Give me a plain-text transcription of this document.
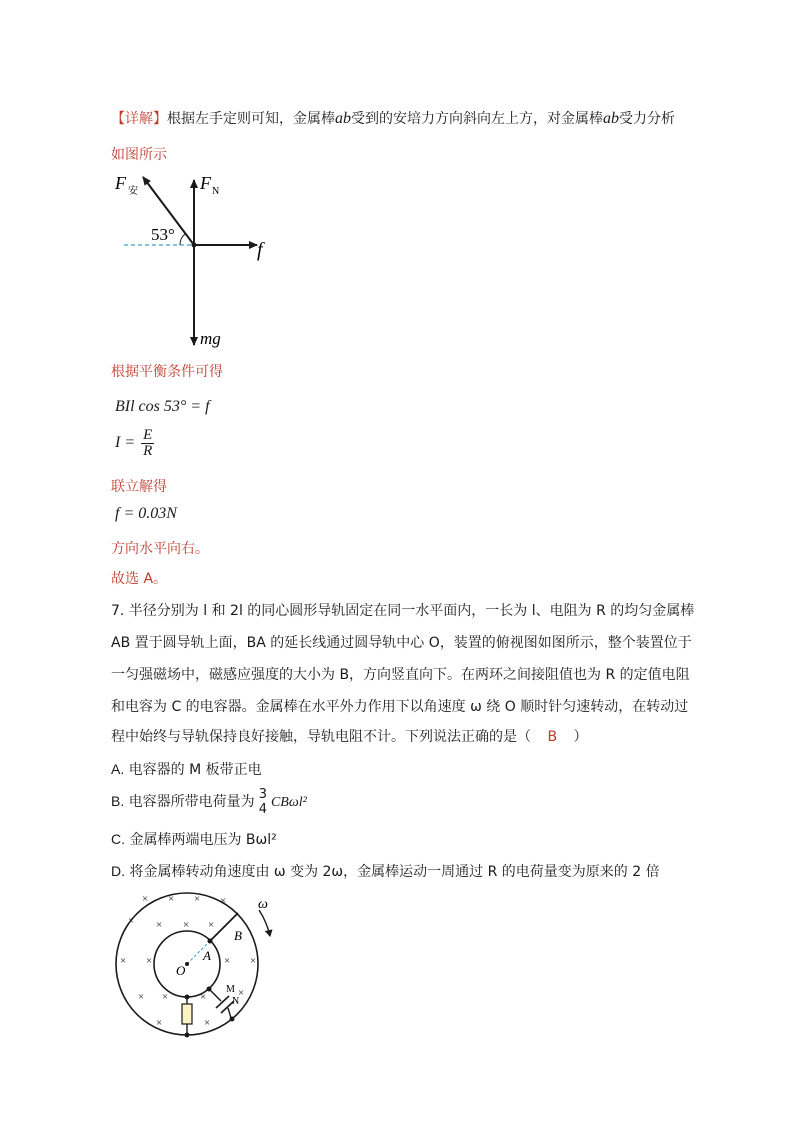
【详解】根据左手定则可知，金属棒ab受到的安培力方向斜向左上方，对金属棒ab受力分析
如图所示
F 安	F N
53°
f
mg
根据平衡条件可得
BIl cos 53° = f
$I = \frac{E}{R}$
联立解得
f = 0.03N
方向水平向右。
故选 A。
7. 半径分别为 l 和 2l 的同心圆形导轨固定在同一水平面内，一长为 l、电阻为 R 的均匀金属棒
AB 置于圆导轨上面，BA 的延长线通过圆导轨中心 O，装置的俯视图如图所示，整个装置位于
一匀强磁场中，磁感应强度的大小为 B，方向竖直向下。在两环之间接阻值也为 R 的定值电阻
和电容为 C 的电容器。金属棒在水平外力作用下以角速度 ω 绕 O 顺时针匀速转动，在转动过
程中始终与导轨保持良好接触，导轨电阻不计。下列说法正确的是（ B ）
A. 电容器的 M 板带正电
B. 电容器所带电荷量为 3
4 CBωl²
C. 金属棒两端电压为 Bωl²
D. 将金属棒转动角速度由 ω 变为 2ω，金属棒运动一周通过 R 的电荷量变为原来的 2 倍
× × × ×
× × × ×
× ×	× ×
× ×	×	×
×	×
ω
B
A
O
M
N
